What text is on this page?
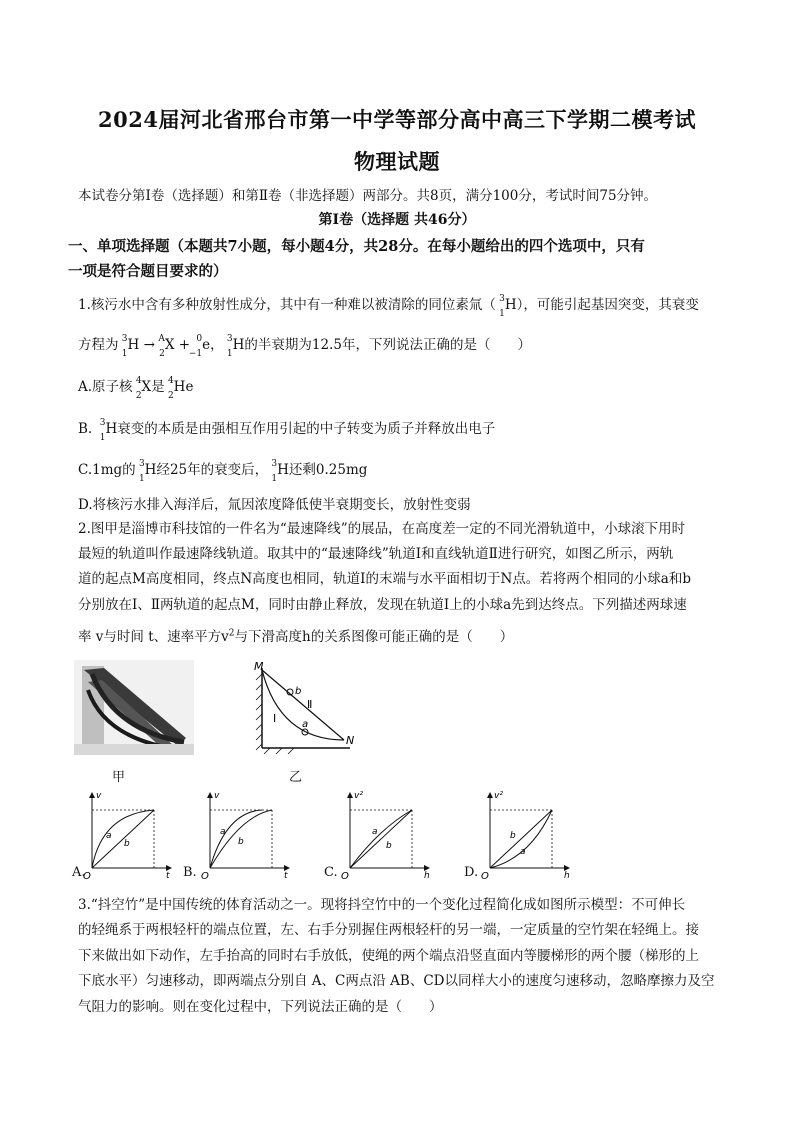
2024届河北省邢台市第一中学等部分高中高三下学期二模考试
物理试题
本试卷分第Ⅰ卷（选择题）和第Ⅱ卷（非选择题）两部分。共8页，满分100分，考试时间75分钟。
第Ⅰ卷（选择题 共46分）
一、单项选择题（本题共7小题，每小题4分，共28分。在每小题给出的四个选项中，只有
一项是符合题目要求的）
1.核污水中含有多种放射性成分，其中有一种难以被清除的同位素氚（ 3
1
H），可能引起基因突变，其衰变
方程为 3
1
H → A
2
X + 0
−1
e， 3
1
H的半衰期为12.5年，下列说法正确的是（　　）
A.原子核 4
2
X是 4
2
He
B. 3
1
H衰变的本质是由强相互作用引起的中子转变为质子并释放出电子
C.1mg的 3
1
H经25年的衰变后， 3
1
H还剩0.25mg
D.将核污水排入海洋后，氚因浓度降低使半衰期变长，放射性变弱
2.图甲是淄博市科技馆的一件名为“最速降线”的展品，在高度差一定的不同光滑轨道中，小球滚下用时
最短的轨道叫作最速降线轨道。取其中的“最速降线”轨道Ⅰ和直线轨道Ⅱ进行研究，如图乙所示，两轨
道的起点M高度相同，终点N高度也相同，轨道Ⅰ的末端与水平面相切于N点。若将两个相同的小球a和b
分别放在Ⅰ、Ⅱ两轨道的起点M，同时由静止释放，发现在轨道Ⅰ上的小球a先到达终点。下列描述两球速
率 v与时间 t、速率平方$v^2$与下滑高度h的关系图像可能正确的是（　　）
甲
M
N
Ⅰ
Ⅱ
a
b
乙
a
b
v
t
O
a
b
v
t
O
a
b
v²
h
O
a
b
v²
h
O
A.	B.	C.	D.
3.“抖空竹”是中国传统的体育活动之一。现将抖空竹中的一个变化过程简化成如图所示模型：不可伸长
的轻绳系于两根轻杆的端点位置，左、右手分别握住两根轻杆的另一端，一定质量的空竹架在轻绳上。接
下来做出如下动作，左手抬高的同时右手放低，使绳的两个端点沿竖直面内等腰梯形的两个腰（梯形的上
下底水平）匀速移动，即两端点分别自 A、C两点沿 AB、CD以同样大小的速度匀速移动，忽略摩擦力及空
气阻力的影响。则在变化过程中，下列说法正确的是（　　）
